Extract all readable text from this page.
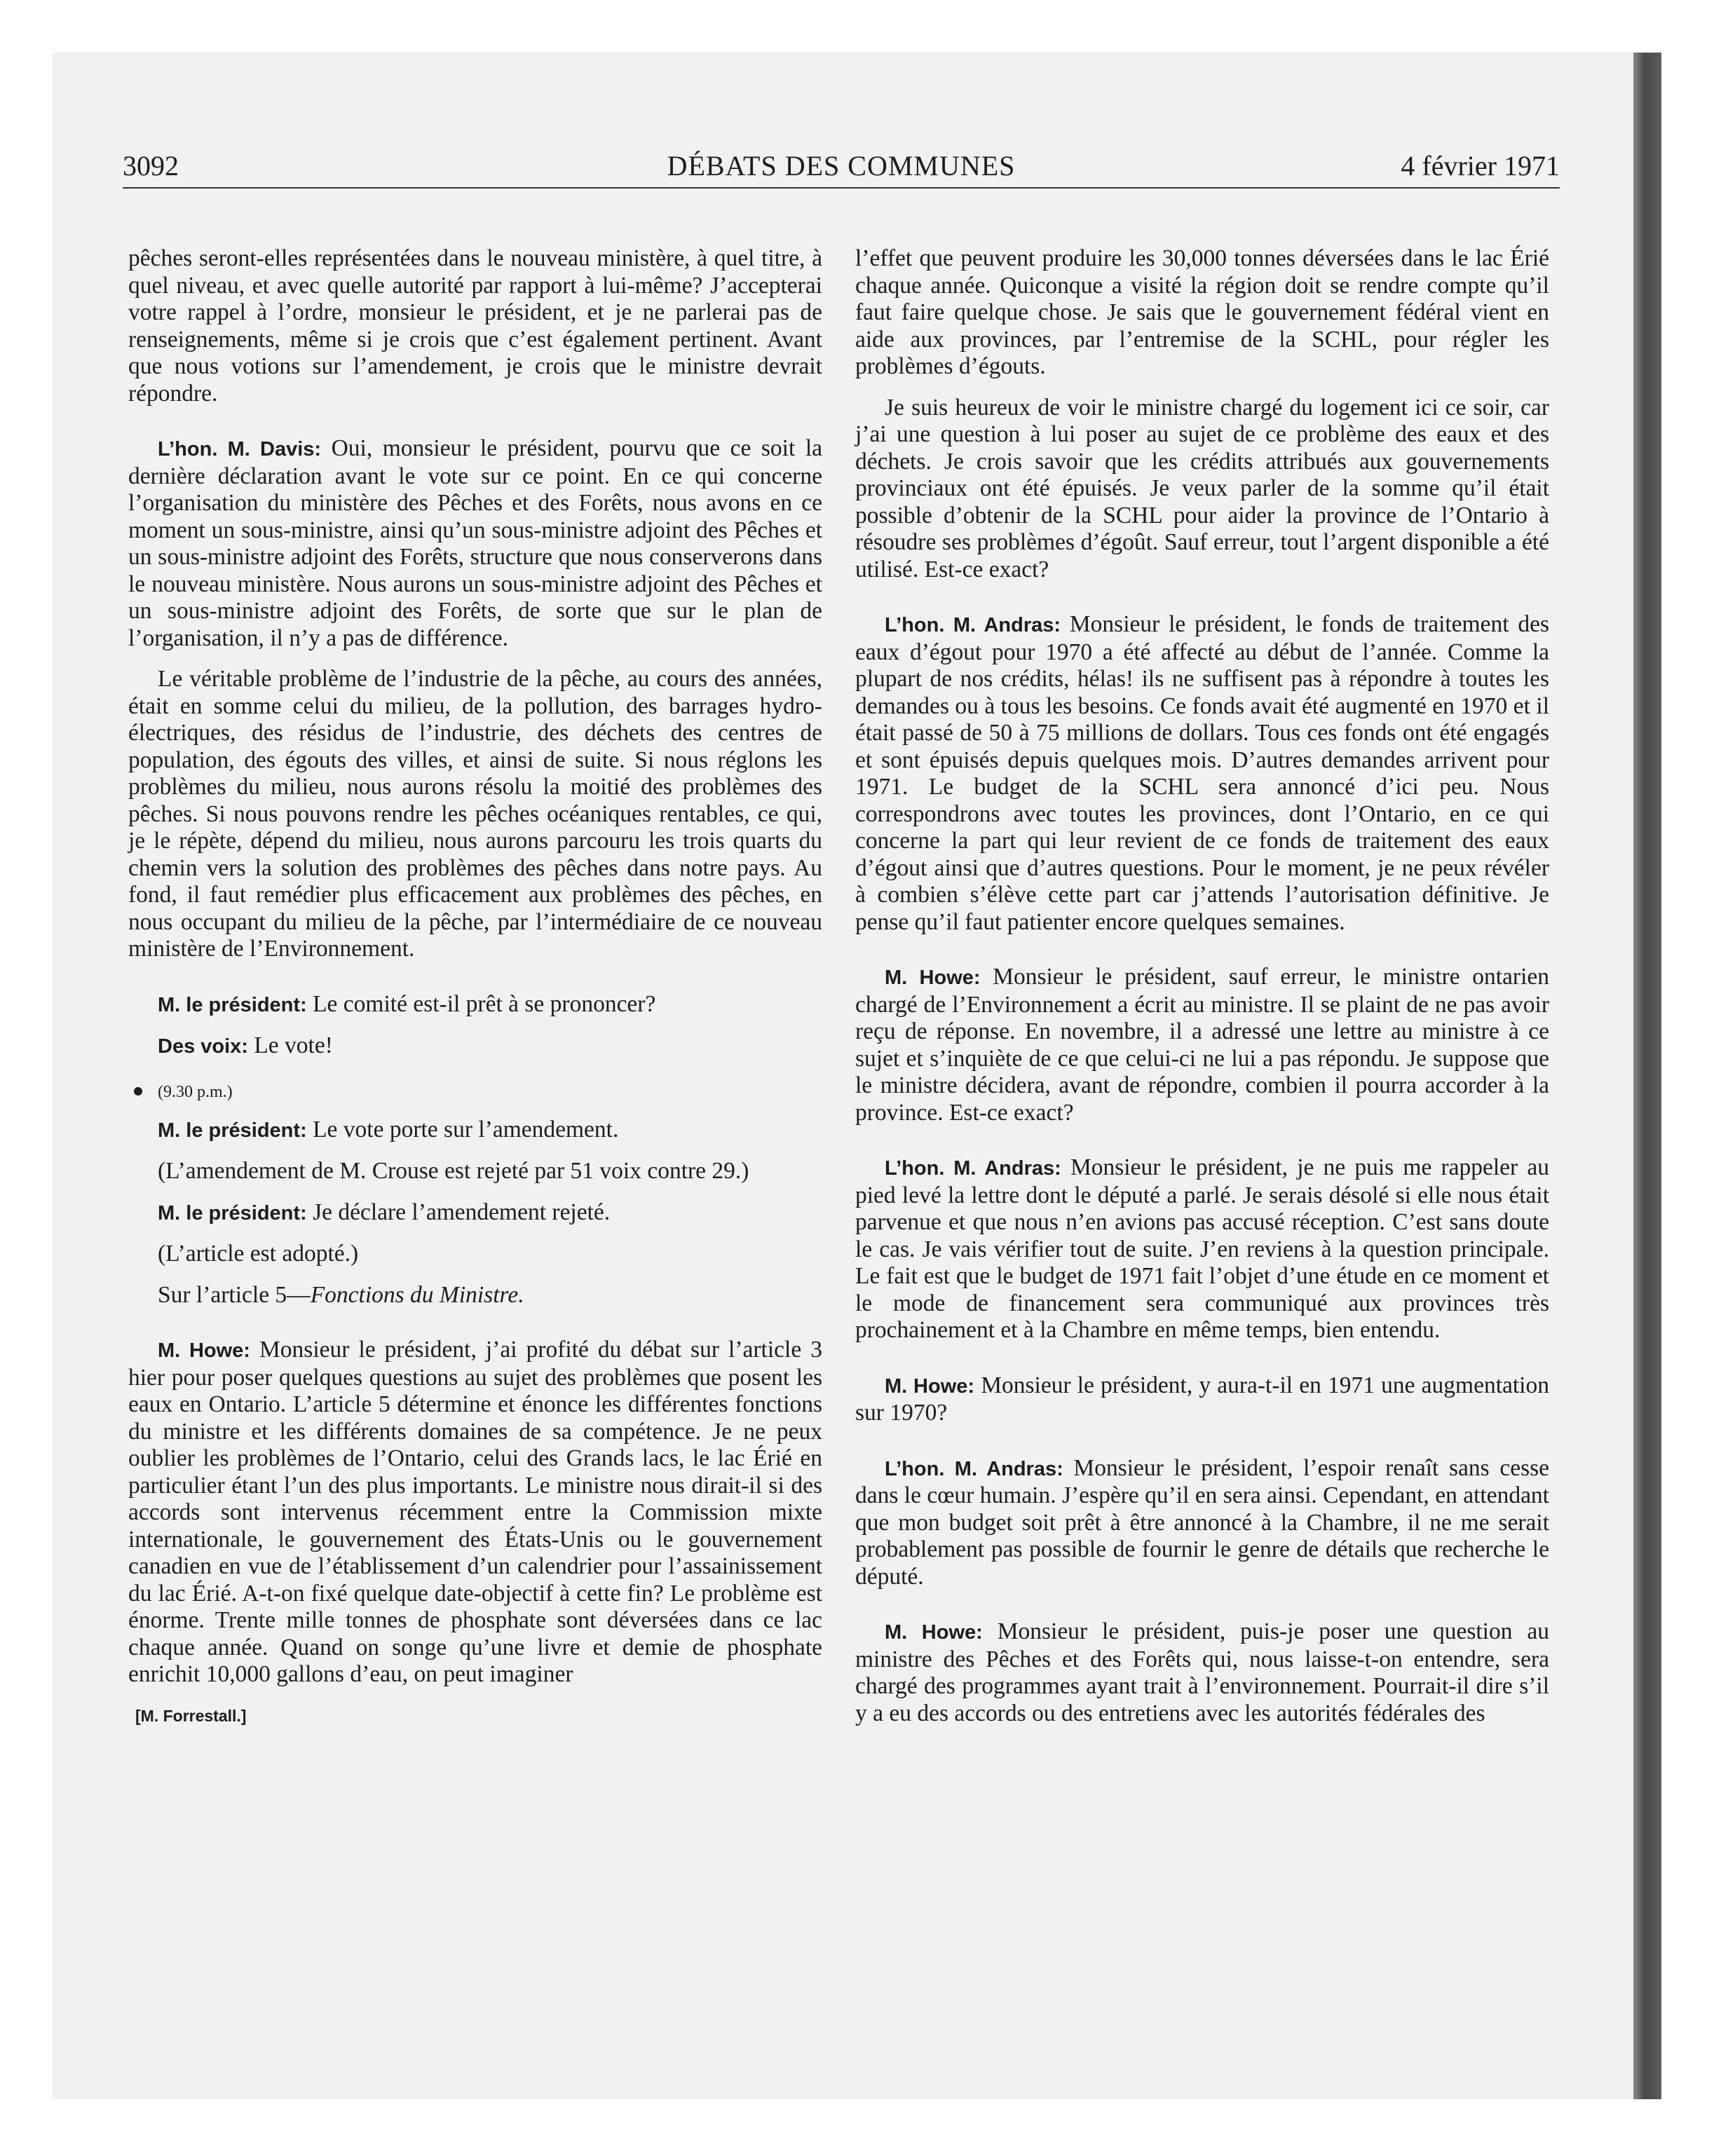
3092	DÉBATS DES COMMUNES	4 février 1971

pêches seront-elles représentées dans le nouveau ministère, à quel titre, à quel niveau, et avec quelle autorité par rapport à lui-même? J’accepterai votre rappel à l’ordre, monsieur le président, et je ne parlerai pas de renseignements, même si je crois que c’est également pertinent. Avant que nous votions sur l’amendement, je crois que le ministre devrait répondre.

L’hon. M. Davis: Oui, monsieur le président, pourvu que ce soit la dernière déclaration avant le vote sur ce point. En ce qui concerne l’organisation du ministère des Pêches et des Forêts, nous avons en ce moment un sous-ministre, ainsi qu’un sous-ministre adjoint des Pêches et un sous-ministre adjoint des Forêts, structure que nous conserverons dans le nouveau ministère. Nous aurons un sous-ministre adjoint des Pêches et un sous-ministre adjoint des Forêts, de sorte que sur le plan de l’organisation, il n’y a pas de différence.

Le véritable problème de l’industrie de la pêche, au cours des années, était en somme celui du milieu, de la pollution, des barrages hydro-électriques, des résidus de l’industrie, des déchets des centres de population, des égouts des villes, et ainsi de suite. Si nous réglons les problèmes du milieu, nous aurons résolu la moitié des problèmes des pêches. Si nous pouvons rendre les pêches océaniques rentables, ce qui, je le répète, dépend du milieu, nous aurons parcouru les trois quarts du chemin vers la solution des problèmes des pêches dans notre pays. Au fond, il faut remédier plus efficacement aux problèmes des pêches, en nous occupant du milieu de la pêche, par l’intermédiaire de ce nouveau ministère de l’Environnement.

M. le président: Le comité est-il prêt à se prononcer?

Des voix: Le vote!

(9.30 p.m.)

M. le président: Le vote porte sur l’amendement.

(L’amendement de M. Crouse est rejeté par 51 voix contre 29.)

M. le président: Je déclare l’amendement rejeté.

(L’article est adopté.)

Sur l’article 5—Fonctions du Ministre.

M. Howe: Monsieur le président, j’ai profité du débat sur l’article 3 hier pour poser quelques questions au sujet des problèmes que posent les eaux en Ontario. L’article 5 détermine et énonce les différentes fonctions du ministre et les différents domaines de sa compétence. Je ne peux oublier les problèmes de l’Ontario, celui des Grands lacs, le lac Érié en particulier étant l’un des plus importants. Le ministre nous dirait-il si des accords sont intervenus récemment entre la Commission mixte internationale, le gouvernement des États-Unis ou le gouvernement canadien en vue de l’établissement d’un calendrier pour l’assainissement du lac Érié. A-t-on fixé quelque date-objectif à cette fin? Le problème est énorme. Trente mille tonnes de phosphate sont déversées dans ce lac chaque année. Quand on songe qu’une livre et demie de phosphate enrichit 10,000 gallons d’eau, on peut imaginer

[M. Forrestall.]

l’effet que peuvent produire les 30,000 tonnes déversées dans le lac Érié chaque année. Quiconque a visité la région doit se rendre compte qu’il faut faire quelque chose. Je sais que le gouvernement fédéral vient en aide aux provinces, par l’entremise de la SCHL, pour régler les problèmes d’égouts.

Je suis heureux de voir le ministre chargé du logement ici ce soir, car j’ai une question à lui poser au sujet de ce problème des eaux et des déchets. Je crois savoir que les crédits attribués aux gouvernements provinciaux ont été épuisés. Je veux parler de la somme qu’il était possible d’obtenir de la SCHL pour aider la province de l’Ontario à résoudre ses problèmes d’égoût. Sauf erreur, tout l’argent disponible a été utilisé. Est-ce exact?

L’hon. M. Andras: Monsieur le président, le fonds de traitement des eaux d’égout pour 1970 a été affecté au début de l’année. Comme la plupart de nos crédits, hélas! ils ne suffisent pas à répondre à toutes les demandes ou à tous les besoins. Ce fonds avait été augmenté en 1970 et il était passé de 50 à 75 millions de dollars. Tous ces fonds ont été engagés et sont épuisés depuis quelques mois. D’autres demandes arrivent pour 1971. Le budget de la SCHL sera annoncé d’ici peu. Nous correspondrons avec toutes les provinces, dont l’Ontario, en ce qui concerne la part qui leur revient de ce fonds de traitement des eaux d’égout ainsi que d’autres questions. Pour le moment, je ne peux révéler à combien s’élève cette part car j’attends l’autorisation définitive. Je pense qu’il faut patienter encore quelques semaines.

M. Howe: Monsieur le président, sauf erreur, le ministre ontarien chargé de l’Environnement a écrit au ministre. Il se plaint de ne pas avoir reçu de réponse. En novembre, il a adressé une lettre au ministre à ce sujet et s’inquiète de ce que celui-ci ne lui a pas répondu. Je suppose que le ministre décidera, avant de répondre, combien il pourra accorder à la province. Est-ce exact?

L’hon. M. Andras: Monsieur le président, je ne puis me rappeler au pied levé la lettre dont le député a parlé. Je serais désolé si elle nous était parvenue et que nous n’en avions pas accusé réception. C’est sans doute le cas. Je vais vérifier tout de suite. J’en reviens à la question principale. Le fait est que le budget de 1971 fait l’objet d’une étude en ce moment et le mode de financement sera communiqué aux provinces très prochainement et à la Chambre en même temps, bien entendu.

M. Howe: Monsieur le président, y aura-t-il en 1971 une augmentation sur 1970?

L’hon. M. Andras: Monsieur le président, l’espoir renaît sans cesse dans le cœur humain. J’espère qu’il en sera ainsi. Cependant, en attendant que mon budget soit prêt à être annoncé à la Chambre, il ne me serait probablement pas possible de fournir le genre de détails que recherche le député.

M. Howe: Monsieur le président, puis-je poser une question au ministre des Pêches et des Forêts qui, nous laisse-t-on entendre, sera chargé des programmes ayant trait à l’environnement. Pourrait-il dire s’il y a eu des accords ou des entretiens avec les autorités fédérales des
